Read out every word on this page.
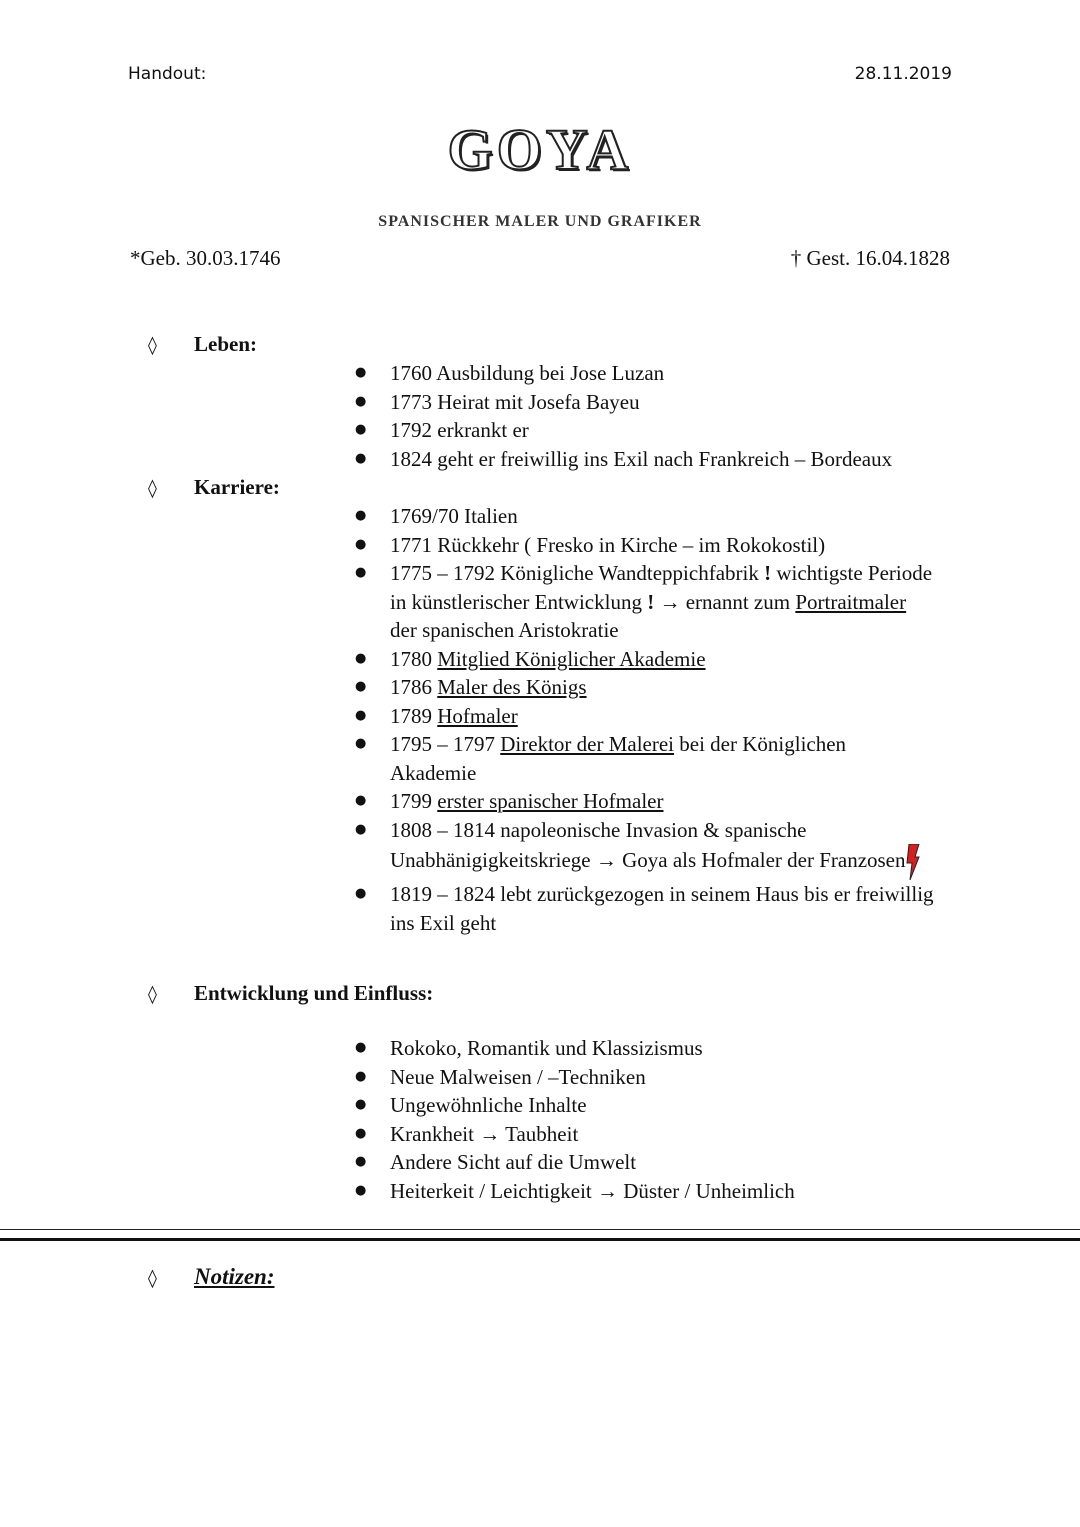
Handout:	28.11.2019
GOYA
SPANISCHER MALER UND GRAFIKER
*Geb. 30.03.1746	† Gest. 16.04.1828
◊ Leben:
● 1760 Ausbildung bei Jose Luzan
● 1773 Heirat mit Josefa Bayeu
● 1792 erkrankt er
● 1824 geht er freiwillig ins Exil nach Frankreich – Bordeaux
◊ Karriere:
● 1769/70 Italien
● 1771 Rückkehr ( Fresko in Kirche – im Rokokostil)
● 1775 – 1792 Königliche Wandteppichfabrik ! wichtigste Periode in künstlerischer Entwicklung ! → ernannt zum Portraitmaler der spanischen Aristokratie
● 1780 Mitglied Königlicher Akademie
● 1786 Maler des Königs
● 1789 Hofmaler
● 1795 – 1797 Direktor der Malerei bei der Königlichen Akademie
● 1799 erster spanischer Hofmaler
● 1808 – 1814 napoleonische Invasion & spanische Unabhänigigkeitskriege → Goya als Hofmaler der Franzosen
● 1819 – 1824 lebt zurückgezogen in seinem Haus bis er freiwillig ins Exil geht
◊ Entwicklung und Einfluss:
● Rokoko, Romantik und Klassizismus
● Neue Malweisen / –Techniken
● Ungewöhnliche Inhalte
● Krankheit → Taubheit
● Andere Sicht auf die Umwelt
● Heiterkeit / Leichtigkeit → Düster / Unheimlich
◊ Notizen:
